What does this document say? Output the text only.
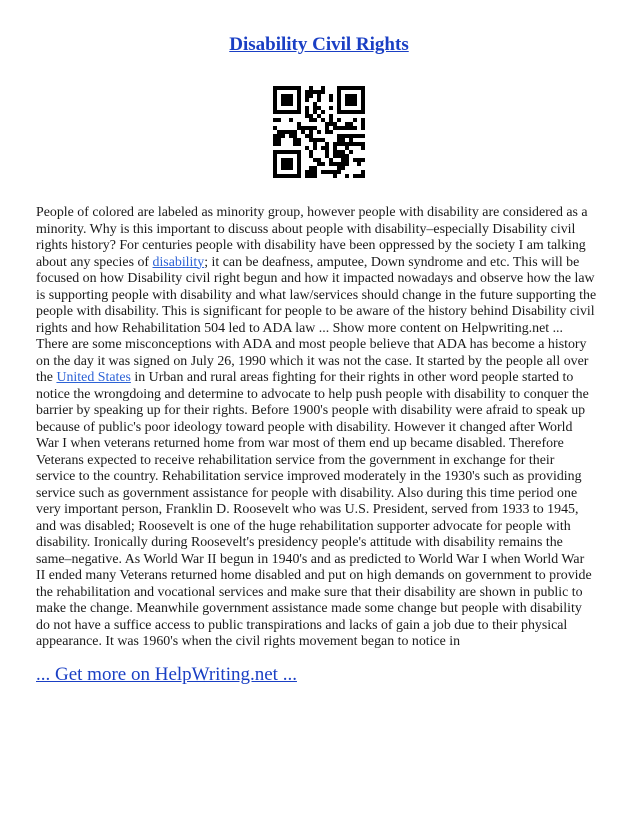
Disability Civil Rights
People of colored are labeled as minority group, however people with disability are considered as a
minority. Why is this important to discuss about people with disability–especially Disability civil
rights history? For centuries people with disability have been oppressed by the society I am talking
about any species of disability; it can be deafness, amputee, Down syndrome and etc. This will be
focused on how Disability civil right begun and how it impacted nowadays and observe how the law
is supporting people with disability and what law/services should change in the future supporting the
people with disability. This is significant for people to be aware of the history behind Disability civil
rights and how Rehabilitation 504 led to ADA law ... Show more content on Helpwriting.net ...
There are some misconceptions with ADA and most people believe that ADA has become a history
on the day it was signed on July 26, 1990 which it was not the case. It started by the people all over
the United States in Urban and rural areas fighting for their rights in other word people started to
notice the wrongdoing and determine to advocate to help push people with disability to conquer the
barrier by speaking up for their rights. Before 1900's people with disability were afraid to speak up
because of public's poor ideology toward people with disability. However it changed after World
War I when veterans returned home from war most of them end up became disabled. Therefore
Veterans expected to receive rehabilitation service from the government in exchange for their
service to the country. Rehabilitation service improved moderately in the 1930's such as providing
service such as government assistance for people with disability. Also during this time period one
very important person, Franklin D. Roosevelt who was U.S. President, served from 1933 to 1945,
and was disabled; Roosevelt is one of the huge rehabilitation supporter advocate for people with
disability. Ironically during Roosevelt's presidency people's attitude with disability remains the
same–negative. As World War II begun in 1940's and as predicted to World War I when World War
II ended many Veterans returned home disabled and put on high demands on government to provide
the rehabilitation and vocational services and make sure that their disability are shown in public to
make the change. Meanwhile government assistance made some change but people with disability
do not have a suffice access to public transpirations and lacks of gain a job due to their physical
appearance. It was 1960's when the civil rights movement began to notice in
... Get more on HelpWriting.net ...
